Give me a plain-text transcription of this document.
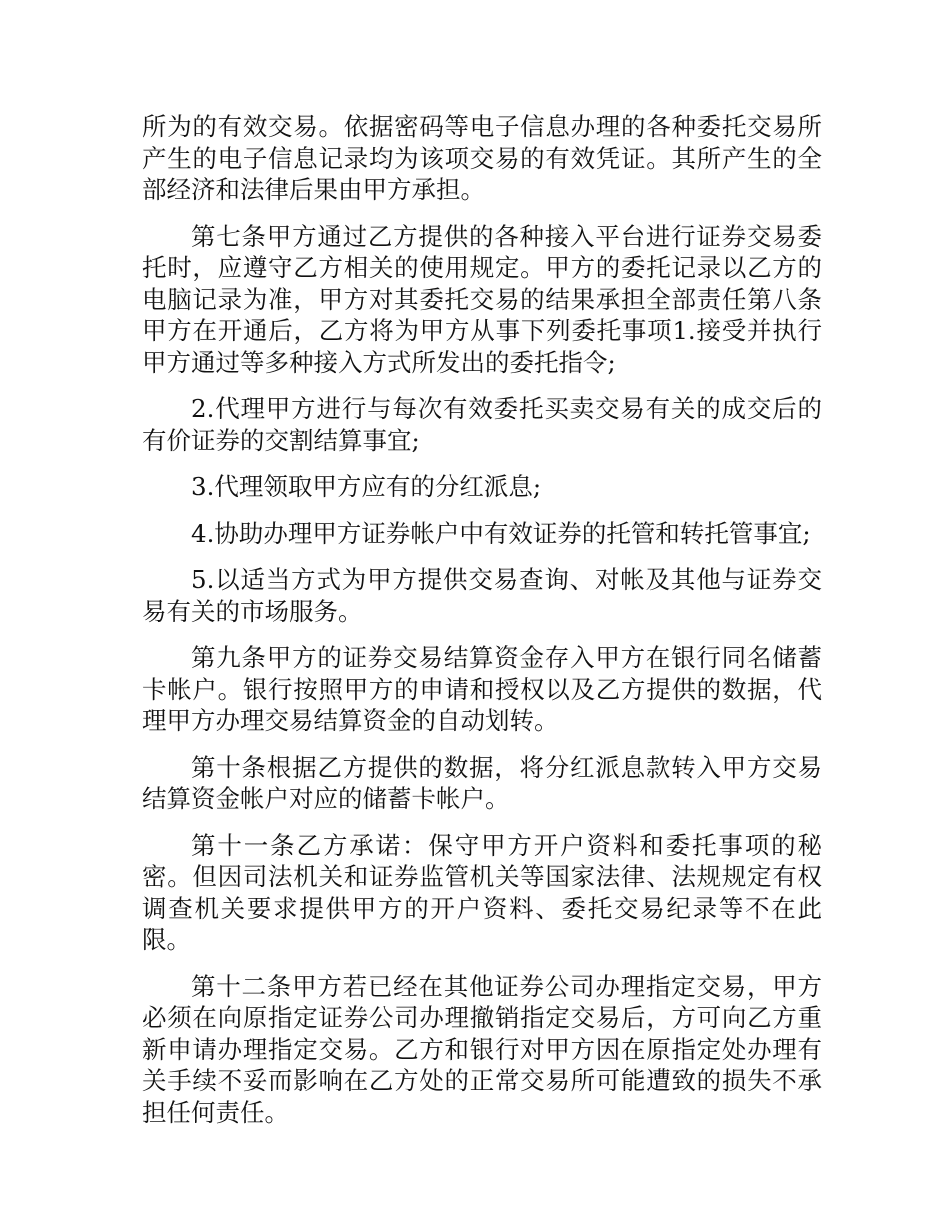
所为的有效交易。依据密码等电子信息办理的各种委托交易所产生的电子信息记录均为该项交易的有效凭证。其所产生的全部经济和法律后果由甲方承担。

第七条甲方通过乙方提供的各种接入平台进行证券交易委托时，应遵守乙方相关的使用规定。甲方的委托记录以乙方的电脑记录为准，甲方对其委托交易的结果承担全部责任第八条甲方在开通后，乙方将为甲方从事下列委托事项1.接受并执行甲方通过等多种接入方式所发出的委托指令;

2.代理甲方进行与每次有效委托买卖交易有关的成交后的有价证券的交割结算事宜;

3.代理领取甲方应有的分红派息;

4.协助办理甲方证券帐户中有效证券的托管和转托管事宜;

5.以适当方式为甲方提供交易查询、对帐及其他与证券交易有关的市场服务。

第九条甲方的证券交易结算资金存入甲方在银行同名储蓄卡帐户。银行按照甲方的申请和授权以及乙方提供的数据，代理甲方办理交易结算资金的自动划转。

第十条根据乙方提供的数据，将分红派息款转入甲方交易结算资金帐户对应的储蓄卡帐户。

第十一条乙方承诺：保守甲方开户资料和委托事项的秘密。但因司法机关和证券监管机关等国家法律、法规规定有权调查机关要求提供甲方的开户资料、委托交易纪录等不在此限。

第十二条甲方若已经在其他证券公司办理指定交易，甲方必须在向原指定证券公司办理撤销指定交易后，方可向乙方重新申请办理指定交易。乙方和银行对甲方因在原指定处办理有关手续不妥而影响在乙方处的正常交易所可能遭致的损失不承担任何责任。
